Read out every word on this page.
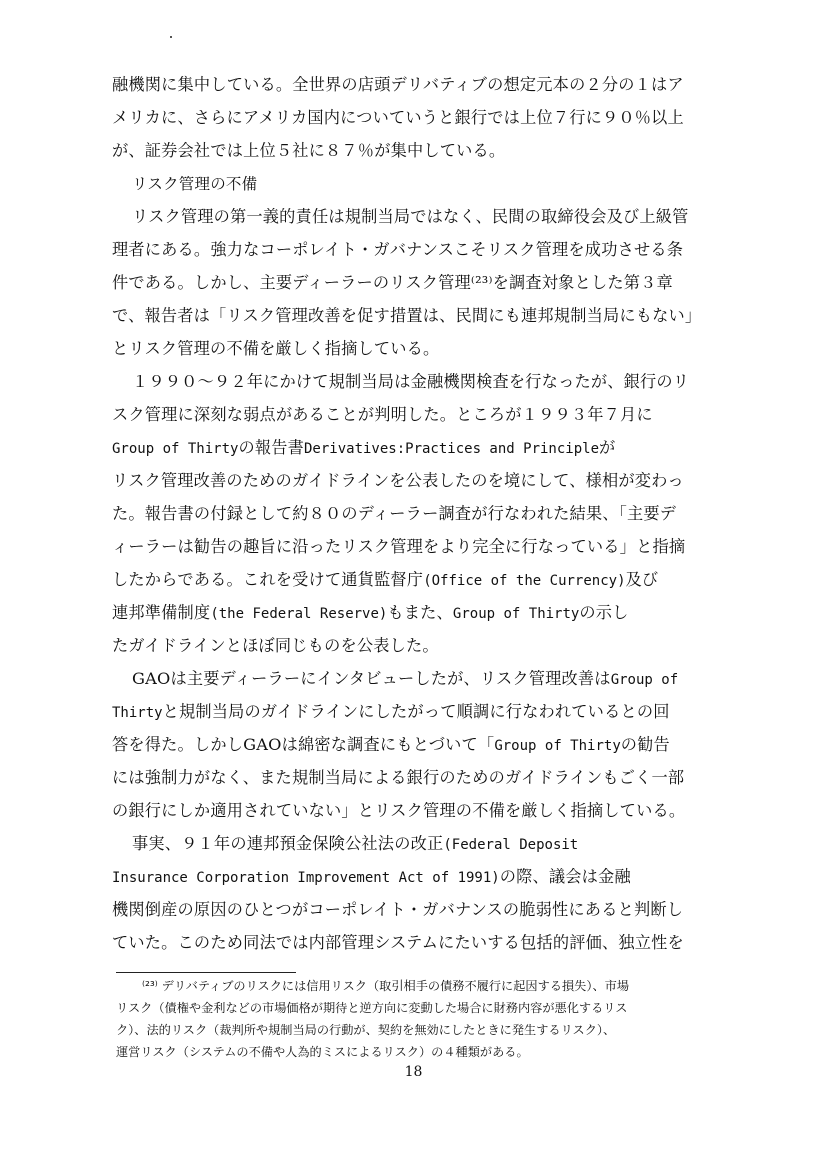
融機関に集中している。全世界の店頭デリバティブの想定元本の２分の１はア
メリカに、さらにアメリカ国内についていうと銀行では上位７行に９０％以上
が、証券会社では上位５社に８７％が集中している。
リスク管理の不備
リスク管理の第一義的責任は規制当局ではなく、民間の取締役会及び上級管
理者にある。強力なコーポレイト・ガバナンスこそリスク管理を成功させる条
件である。しかし、主要ディーラーのリスク管理⁽²³⁾を調査対象とした第３章
で、報告者は「リスク管理改善を促す措置は、民間にも連邦規制当局にもない」
とリスク管理の不備を厳しく指摘している。
１９９０～９２年にかけて規制当局は金融機関検査を行なったが、銀行のリ
スク管理に深刻な弱点があることが判明した。ところが１９９３年７月に
Group of Thirtyの報告書Derivatives:Practices and Principleが
リスク管理改善のためのガイドラインを公表したのを境にして、様相が変わっ
た。報告書の付録として約８０のディーラー調査が行なわれた結果、「主要デ
ィーラーは勧告の趣旨に沿ったリスク管理をより完全に行なっている」と指摘
したからである。これを受けて通貨監督庁(Office of the Currency)及び
連邦準備制度(the Federal Reserve)もまた、Group of Thirtyの示し
たガイドラインとほぼ同じものを公表した。
GAOは主要ディーラーにインタビューしたが、リスク管理改善はGroup of
Thirtyと規制当局のガイドラインにしたがって順調に行なわれているとの回
答を得た。しかしGAOは綿密な調査にもとづいて「Group of Thirtyの勧告
には強制力がなく、また規制当局による銀行のためのガイドラインもごく一部
の銀行にしか適用されていない」とリスク管理の不備を厳しく指摘している。
事実、９１年の連邦預金保険公社法の改正(Federal Deposit
Insurance Corporation Improvement Act of 1991)の際、議会は金融
機関倒産の原因のひとつがコーポレイト・ガバナンスの脆弱性にあると判断し
ていた。このため同法では内部管理システムにたいする包括的評価、独立性を
⁽²³⁾ デリバティブのリスクには信用リスク（取引相手の債務不履行に起因する損失）、市場
リスク（債権や金利などの市場価格が期待と逆方向に変動した場合に財務内容が悪化するリス
ク）、法的リスク（裁判所や規制当局の行動が、契約を無効にしたときに発生するリスク）、
運営リスク（システムの不備や人為的ミスによるリスク）の４種類がある。
18
